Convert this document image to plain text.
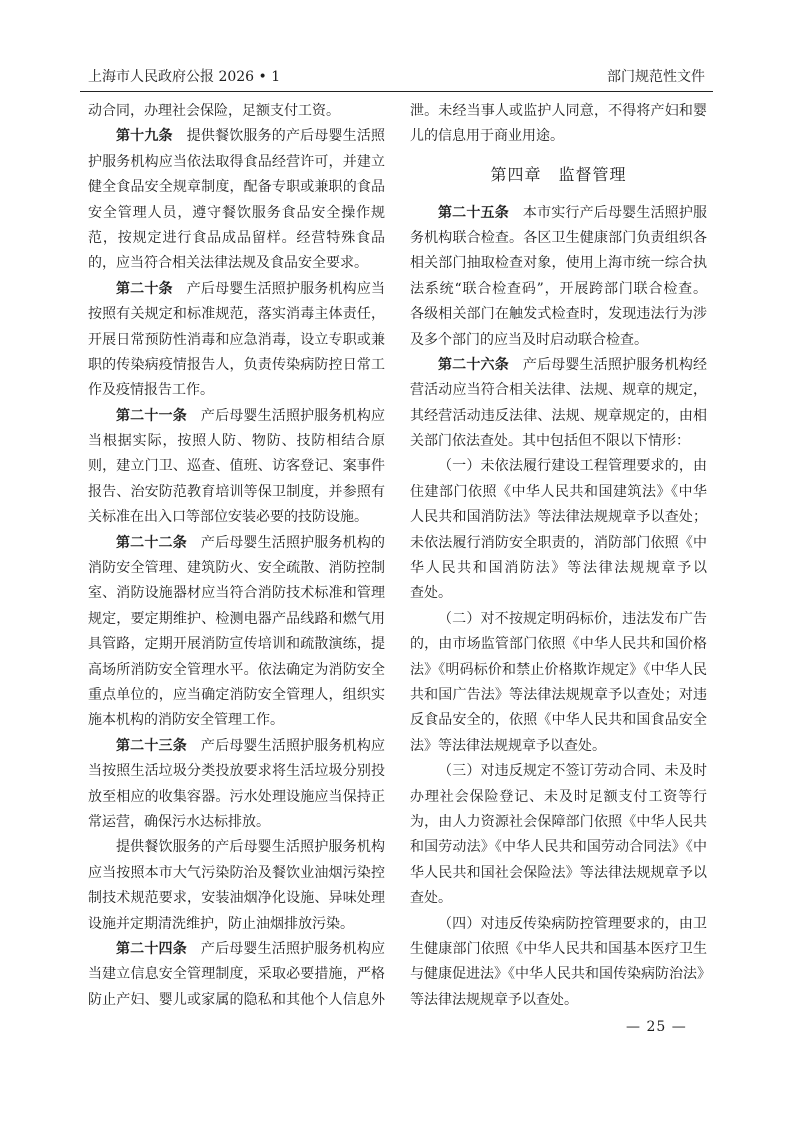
上海市人民政府公报 2026 • 1	部门规范性文件
动合同，办理社会保险，足额支付工资。
第十九条 提供餐饮服务的产后母婴生活照
护服务机构应当依法取得食品经营许可，并建立
健全食品安全规章制度，配备专职或兼职的食品
安全管理人员，遵守餐饮服务食品安全操作规
范，按规定进行食品成品留样。经营特殊食品
的，应当符合相关法律法规及食品安全要求。
第二十条 产后母婴生活照护服务机构应当
按照有关规定和标准规范，落实消毒主体责任，
开展日常预防性消毒和应急消毒，设立专职或兼
职的传染病疫情报告人，负责传染病防控日常工
作及疫情报告工作。
第二十一条 产后母婴生活照护服务机构应
当根据实际，按照人防、物防、技防相结合原
则，建立门卫、巡查、值班、访客登记、案事件
报告、治安防范教育培训等保卫制度，并参照有
关标准在出入口等部位安装必要的技防设施。
第二十二条 产后母婴生活照护服务机构的
消防安全管理、建筑防火、安全疏散、消防控制
室、消防设施器材应当符合消防技术标准和管理
规定，要定期维护、检测电器产品线路和燃气用
具管路，定期开展消防宣传培训和疏散演练，提
高场所消防安全管理水平。依法确定为消防安全
重点单位的，应当确定消防安全管理人，组织实
施本机构的消防安全管理工作。
第二十三条 产后母婴生活照护服务机构应
当按照生活垃圾分类投放要求将生活垃圾分别投
放至相应的收集容器。污水处理设施应当保持正
常运营，确保污水达标排放。
提供餐饮服务的产后母婴生活照护服务机构
应当按照本市大气污染防治及餐饮业油烟污染控
制技术规范要求，安装油烟净化设施、异味处理
设施并定期清洗维护，防止油烟排放污染。
第二十四条 产后母婴生活照护服务机构应
当建立信息安全管理制度，采取必要措施，严格
防止产妇、婴儿或家属的隐私和其他个人信息外
泄。未经当事人或监护人同意，不得将产妇和婴
儿的信息用于商业用途。
第四章　监督管理
第二十五条 本市实行产后母婴生活照护服
务机构联合检查。各区卫生健康部门负责组织各
相关部门抽取检查对象，使用上海市统一综合执
法系统“联合检查码”，开展跨部门联合检查。
各级相关部门在触发式检查时，发现违法行为涉
及多个部门的应当及时启动联合检查。
第二十六条 产后母婴生活照护服务机构经
营活动应当符合相关法律、法规、规章的规定，
其经营活动违反法律、法规、规章规定的，由相
关部门依法查处。其中包括但不限以下情形：
（一）未依法履行建设工程管理要求的，由
住建部门依照《中华人民共和国建筑法》《中华
人民共和国消防法》等法律法规规章予以查处；
未依法履行消防安全职责的，消防部门依照《中
华人民共和国消防法》等法律法规规章予以
查处。
（二）对不按规定明码标价，违法发布广告
的，由市场监管部门依照《中华人民共和国价格
法》《明码标价和禁止价格欺诈规定》《中华人民
共和国广告法》等法律法规规章予以查处；对违
反食品安全的，依照《中华人民共和国食品安全
法》等法律法规规章予以查处。
（三）对违反规定不签订劳动合同、未及时
办理社会保险登记、未及时足额支付工资等行
为，由人力资源社会保障部门依照《中华人民共
和国劳动法》《中华人民共和国劳动合同法》《中
华人民共和国社会保险法》等法律法规规章予以
查处。
（四）对违反传染病防控管理要求的，由卫
生健康部门依照《中华人民共和国基本医疗卫生
与健康促进法》《中华人民共和国传染病防治法》
等法律法规规章予以查处。
— 25 —
